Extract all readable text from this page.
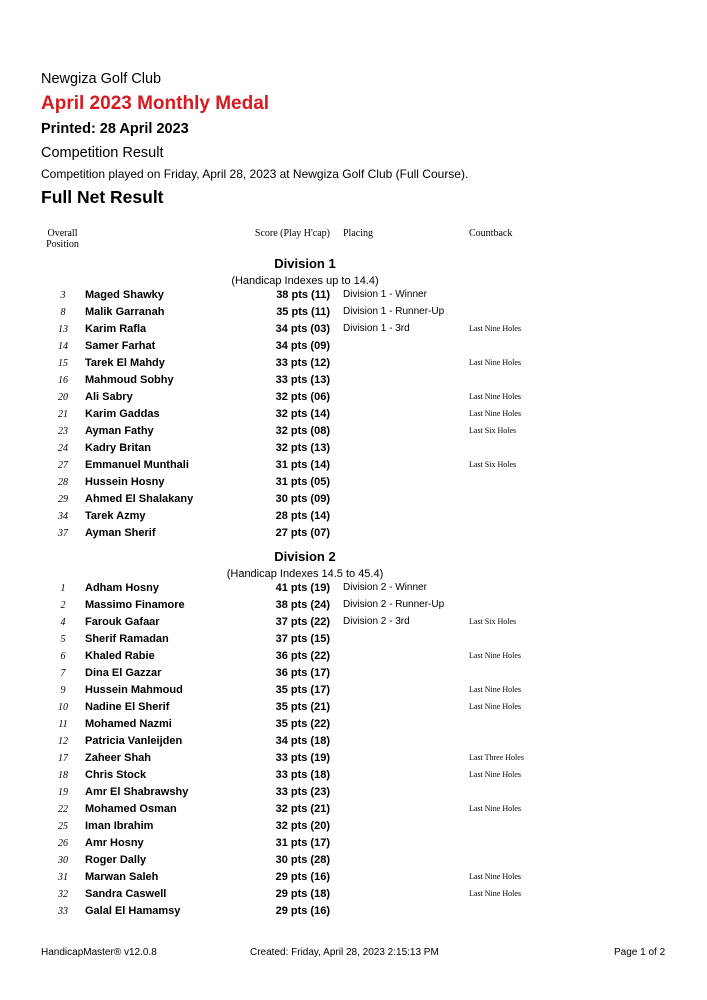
Newgiza Golf Club
April 2023 Monthly Medal
Printed: 28 April 2023
Competition Result
Competition played on Friday, April 28, 2023 at Newgiza Golf Club (Full Course).
Full Net Result
Overall
Position
Score (Play H'cap) Placing	Countback
Division 1
(Handicap Indexes up to 14.4)
3	Maged Shawky	38 pts (11) Division 1 - Winner
8	Malik Garranah	35 pts (11) Division 1 - Runner-Up
13	Karim Rafla	34 pts (03) Division 1 - 3rd	Last Nine Holes
14	Samer Farhat	34 pts (09)
15	Tarek El Mahdy	33 pts (12)	Last Nine Holes
16	Mahmoud Sobhy	33 pts (13)
20	Ali Sabry	32 pts (06)	Last Nine Holes
21	Karim Gaddas	32 pts (14)	Last Nine Holes
23	Ayman Fathy	32 pts (08)	Last Six Holes
24	Kadry Britan	32 pts (13)
27	Emmanuel Munthali	31 pts (14)	Last Six Holes
28	Hussein Hosny	31 pts (05)
29	Ahmed El Shalakany	30 pts (09)
34	Tarek Azmy	28 pts (14)
37	Ayman Sherif	27 pts (07)
Division 2
(Handicap Indexes 14.5 to 45.4)
1	Adham Hosny	41 pts (19) Division 2 - Winner
2	Massimo Finamore	38 pts (24) Division 2 - Runner-Up
4	Farouk Gafaar	37 pts (22) Division 2 - 3rd	Last Six Holes
5	Sherif Ramadan	37 pts (15)
6	Khaled Rabie	36 pts (22)	Last Nine Holes
7	Dina El Gazzar	36 pts (17)
9	Hussein Mahmoud	35 pts (17)	Last Nine Holes
10	Nadine El Sherif	35 pts (21)	Last Nine Holes
11	Mohamed Nazmi	35 pts (22)
12	Patricia Vanleijden	34 pts (18)
17	Zaheer Shah	33 pts (19)	Last Three Holes
18	Chris Stock	33 pts (18)	Last Nine Holes
19	Amr El Shabrawshy	33 pts (23)
22	Mohamed Osman	32 pts (21)	Last Nine Holes
25	Iman Ibrahim	32 pts (20)
26	Amr Hosny	31 pts (17)
30	Roger Dally	30 pts (28)
31	Marwan Saleh	29 pts (16)	Last Nine Holes
32	Sandra Caswell	29 pts (18)	Last Nine Holes
33	Galal El Hamamsy	29 pts (16)
HandicapMaster® v12.0.8	Created: Friday, April 28, 2023 2:15:13 PM	Page 1 of 2
